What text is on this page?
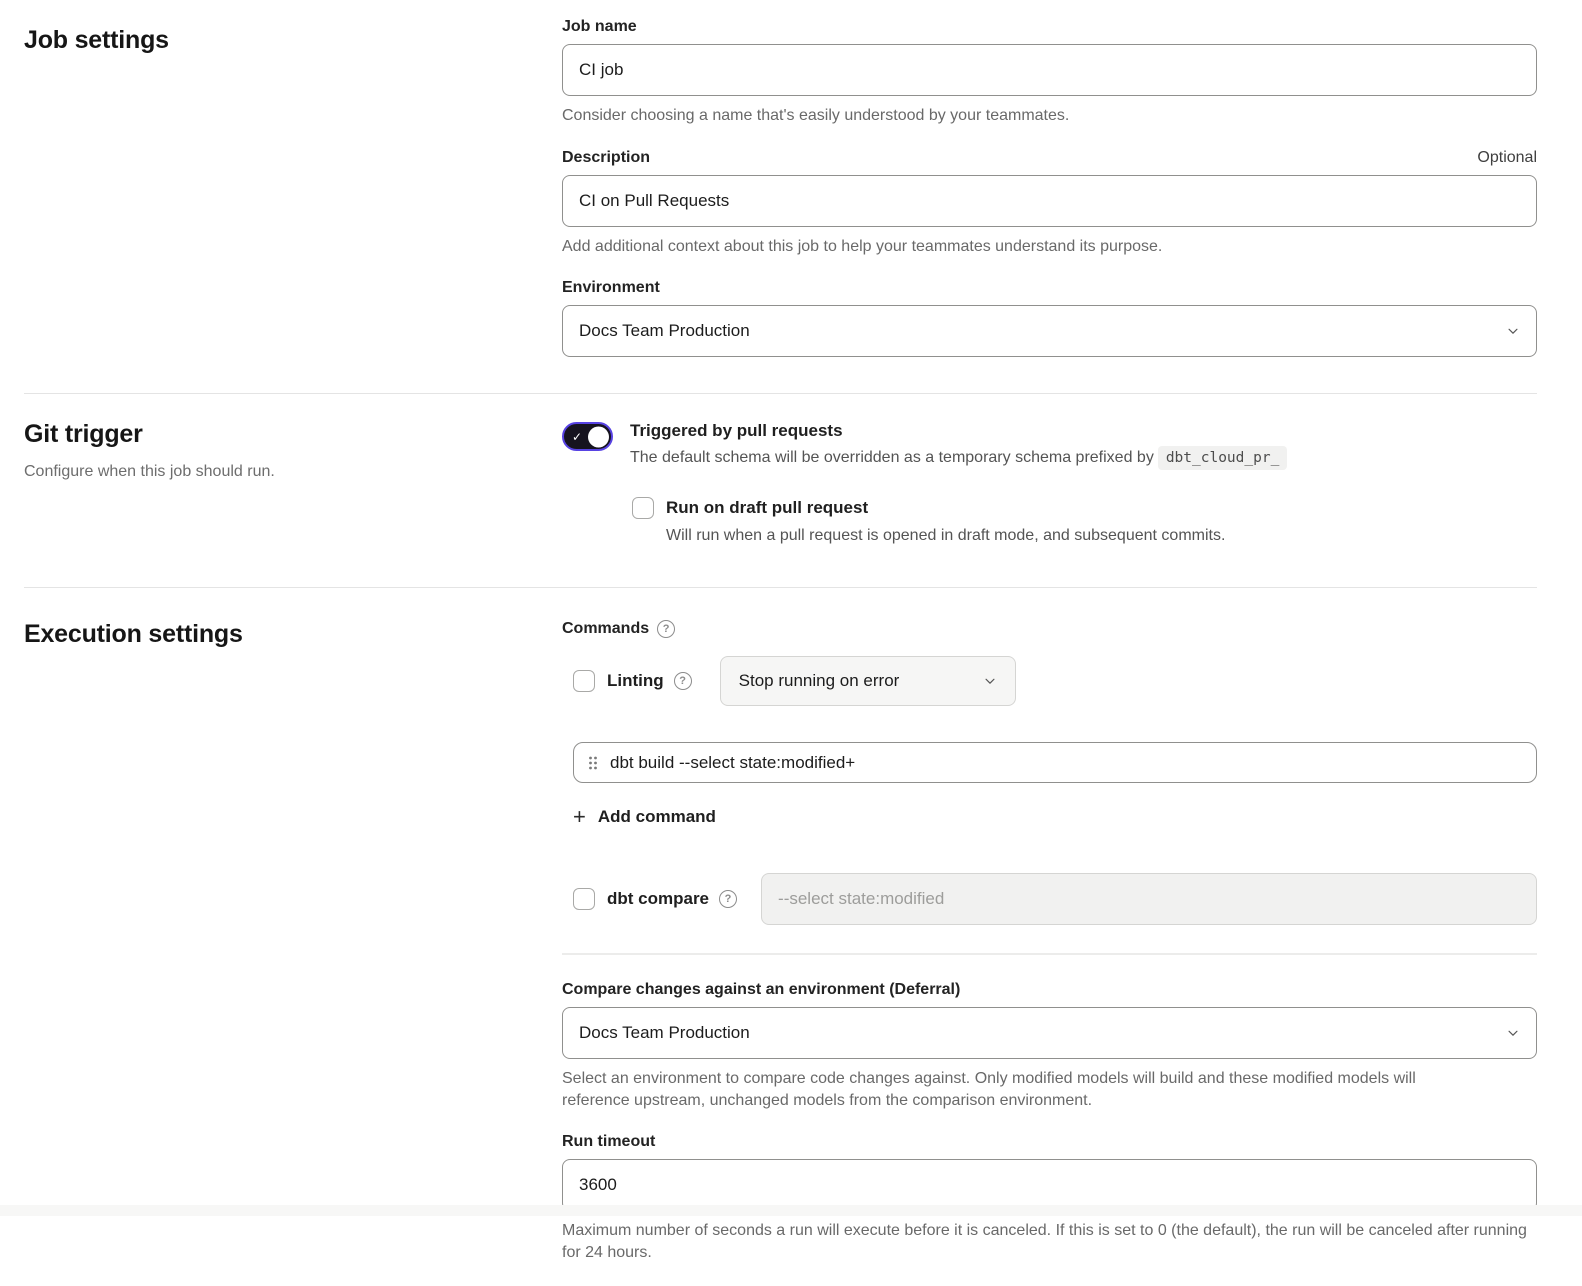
Job settings	Job name
CI job
Consider choosing a name that's easily understood by your teammates.
Description	Optional
CI on Pull Requests
Add additional context about this job to help your teammates understand its purpose.
Environment
Docs Team Production
Git trigger
Configure when this job should run.
✓
Triggered by pull requests
The default schema will be overridden as a temporary schema prefixed by dbt_cloud_pr_
Run on draft pull request
Will run when a pull request is opened in draft mode, and subsequent commits.
Execution settings	Commands
?
Linting ?	Stop running on error
dbt build --select state:modified+
+
Add command
dbt compare
?
--select state:modified
Compare changes against an environment (Deferral)
Docs Team Production
Select an environment to compare code changes against. Only modified models will build and these modified models will reference upstream, unchanged models from the comparison environment.
Run timeout
3600
Maximum number of seconds a run will execute before it is canceled. If this is set to 0 (the default), the run will be canceled after running for 24 hours.
